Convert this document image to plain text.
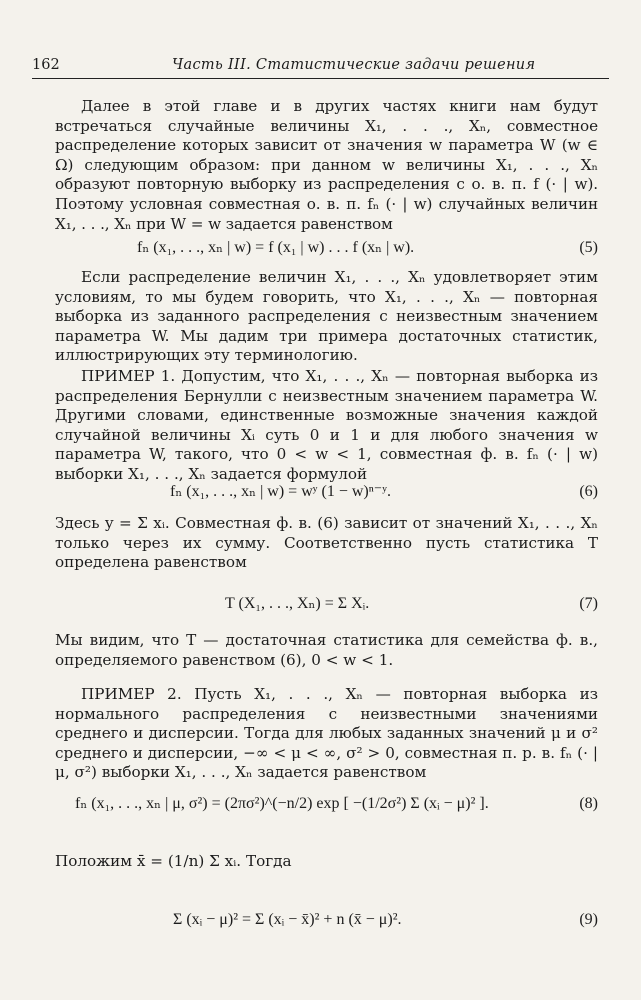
162	Часть III. Статистические задачи решения
Далее в этой главе и в других частях книги нам будут встречаться случайные величины X₁, . . ., Xₙ, совместное распределение которых зависит от значения w параметра W (w ∈ Ω) следующим образом: при данном w величины X₁, . . ., Xₙ образуют повторную выборку из распределения с о. в. п. f (· | w). Поэтому условная совместная о. в. п. fₙ (· | w) случайных величин X₁, . . ., Xₙ при W = w задается равенством
fₙ (x₁, . . ., xₙ | w) = f (x₁ | w) . . . f (xₙ | w).	(5)
Если распределение величин X₁, . . ., Xₙ удовлетворяет этим условиям, то мы будем говорить, что X₁, . . ., Xₙ — повторная выборка из заданного распределения с неизвестным значением параметра W. Мы дадим три примера достаточных статистик, иллюстрирующих эту терминологию.
ПРИМЕР 1. Допустим, что X₁, . . ., Xₙ — повторная выборка из распределения Бернулли с неизвестным значением параметра W. Другими словами, единственные возможные значения каждой случайной величины Xᵢ суть 0 и 1 и для любого значения w параметра W, такого, что 0 < w < 1, совместная ф. в. fₙ (· | w) выборки X₁, . . ., Xₙ задается формулой
fₙ (x₁, . . ., xₙ | w) = wʸ (1 − w)ⁿ⁻ʸ.	(6)
Здесь y = Σ xᵢ. Совместная ф. в. (6) зависит от значений X₁, . . ., Xₙ только через их сумму. Соответственно пусть статистика T определена равенством
T (X₁, . . ., Xₙ) = Σ Xᵢ.	(7)
Мы видим, что T — достаточная статистика для семейства ф. в., определяемого равенством (6), 0 < w < 1.
ПРИМЕР 2. Пусть X₁, . . ., Xₙ — повторная выборка из нормального распределения с неизвестными значениями среднего и дисперсии. Тогда для любых заданных значений μ и σ² среднего и дисперсии, −∞ < μ < ∞, σ² > 0, совместная п. р. в. fₙ (· | μ, σ²) выборки X₁, . . ., Xₙ задается равенством
fₙ (x₁, . . ., xₙ | μ, σ²) = (2πσ²)^(−n/2) exp [ −(1/2σ²) Σ (xᵢ − μ)² ].	(8)
Положим x̄ = (1/n) Σ xᵢ. Тогда
Σ (xᵢ − μ)² = Σ (xᵢ − x̄)² + n (x̄ − μ)².	(9)
